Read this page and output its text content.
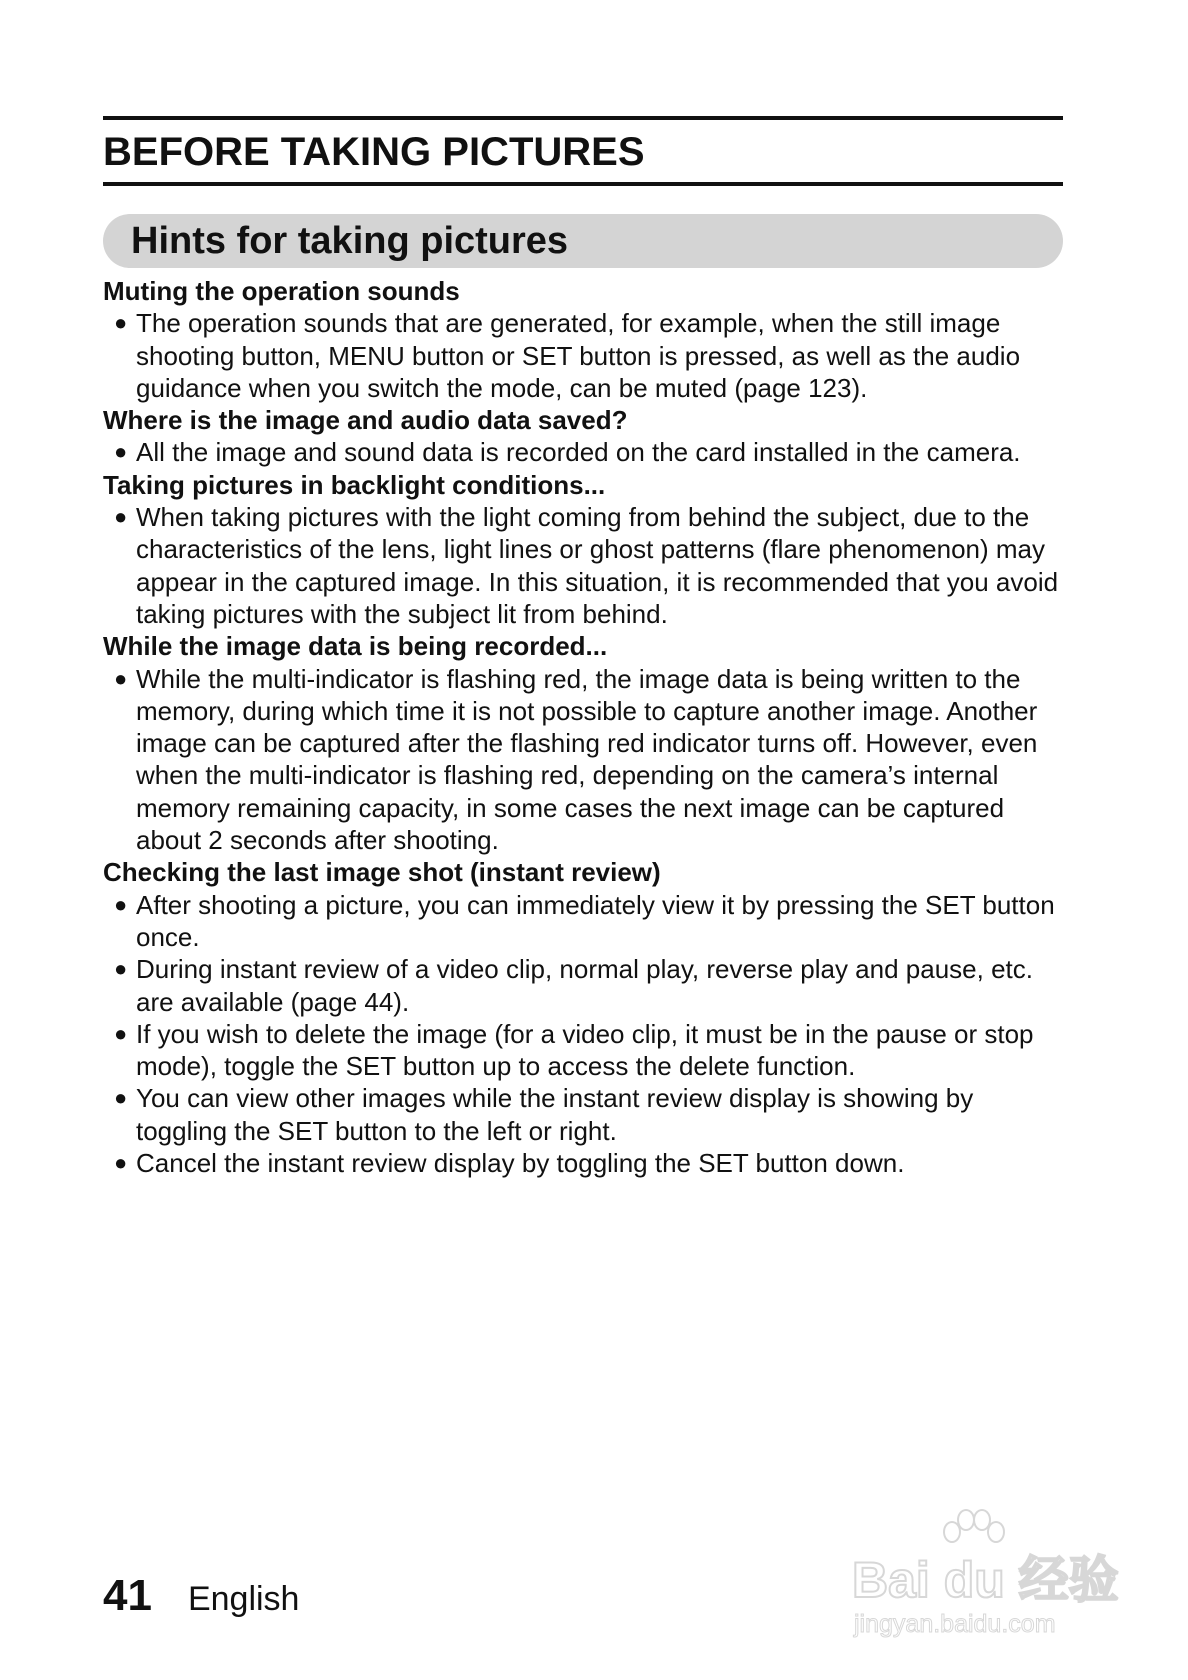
BEFORE TAKING PICTURES
Hints for taking pictures
Muting the operation sounds
● The operation sounds that are generated, for example, when the still image shooting button, MENU button or SET button is pressed, as well as the audio guidance when you switch the mode, can be muted (page 123).
Where is the image and audio data saved?
● All the image and sound data is recorded on the card installed in the camera.
Taking pictures in backlight conditions...
● When taking pictures with the light coming from behind the subject, due to the characteristics of the lens, light lines or ghost patterns (flare phenomenon) may appear in the captured image. In this situation, it is recommended that you avoid taking pictures with the subject lit from behind.
While the image data is being recorded...
● While the multi-indicator is flashing red, the image data is being written to the memory, during which time it is not possible to capture another image. Another image can be captured after the flashing red indicator turns off. However, even when the multi-indicator is flashing red, depending on the camera’s internal memory remaining capacity, in some cases the next image can be captured about 2 seconds after shooting.
Checking the last image shot (instant review)
● After shooting a picture, you can immediately view it by pressing the SET button once.
● During instant review of a video clip, normal play, reverse play and pause, etc. are available (page 44).
● If you wish to delete the image (for a video clip, it must be in the pause or stop mode), toggle the SET button up to access the delete function.
● You can view other images while the instant review display is showing by toggling the SET button to the left or right.
● Cancel the instant review display by toggling the SET button down.
41 English	Bai du 经验
jingyan.baidu.com
